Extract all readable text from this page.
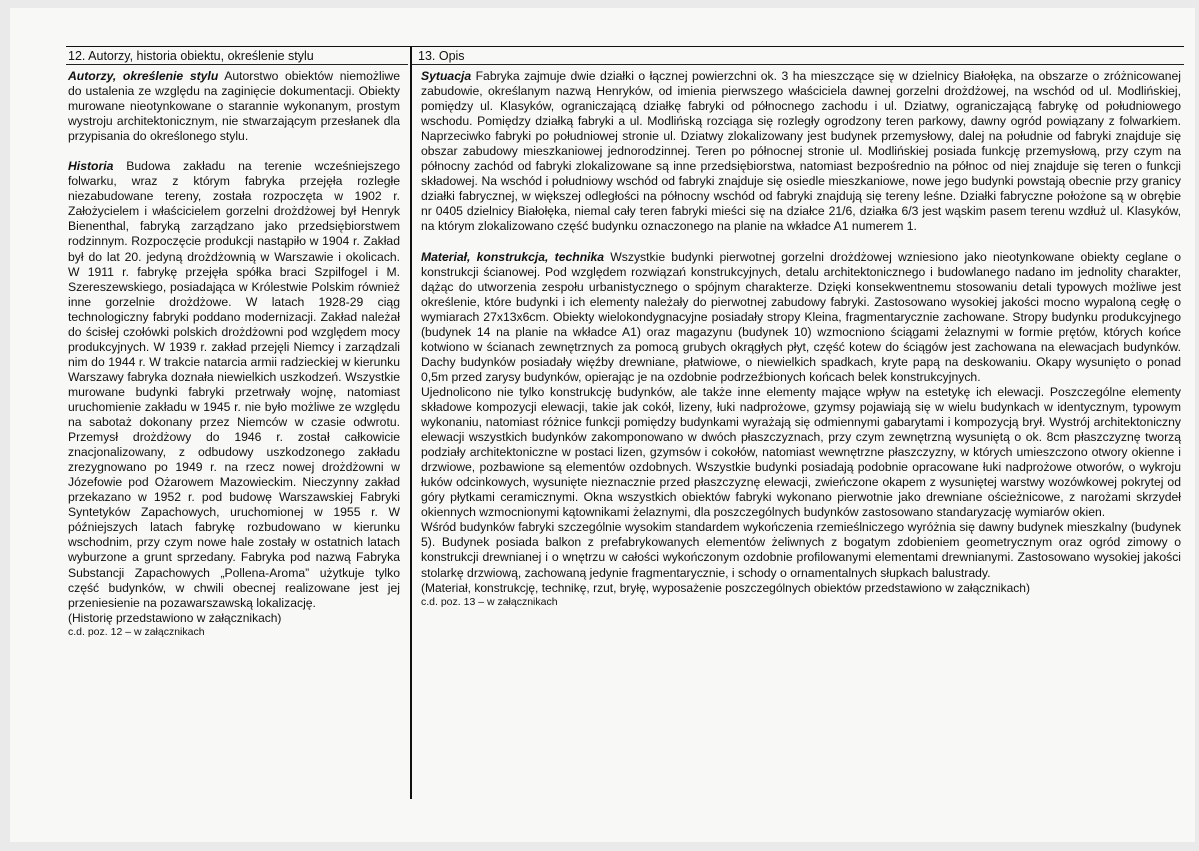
12. Autorzy, historia obiektu, określenie stylu	13. Opis

Autorzy, określenie stylu Autorstwo obiektów niemożliwe do ustalenia ze względu na zaginięcie dokumentacji. Obiekty murowane nieotynkowane o starannie wykonanym, prostym wystroju architektonicznym, nie stwarzającym przesłanek dla przypisania do określonego stylu.

Historia Budowa zakładu na terenie wcześniejszego folwarku, wraz z którym fabryka przejęła rozległe niezabudowane tereny, została rozpoczęta w 1902 r. Założycielem i właścicielem gorzelni drożdżowej był Henryk Bienenthal, fabryką zarządzano jako przedsiębiorstwem rodzinnym. Rozpoczęcie produkcji nastąpiło w 1904 r. Zakład był do lat 20. jedyną drożdżownią w Warszawie i okolicach. W 1911 r. fabrykę przejęła spółka braci Szpilfogel i M. Szereszewskiego, posiadająca w Królestwie Polskim również inne gorzelnie drożdżowe. W latach 1928-29 ciąg technologiczny fabryki poddano modernizacji. Zakład należał do ścisłej czołówki polskich drożdżowni pod względem mocy produkcyjnych. W 1939 r. zakład przejęli Niemcy i zarządzali nim do 1944 r. W trakcie natarcia armii radzieckiej w kierunku Warszawy fabryka doznała niewielkich uszkodzeń. Wszystkie murowane budynki fabryki przetrwały wojnę, natomiast uruchomienie zakładu w 1945 r. nie było możliwe ze względu na sabotaż dokonany przez Niemców w czasie odwrotu. Przemysł drożdżowy do 1946 r. został całkowicie znacjonalizowany, z odbudowy uszkodzonego zakładu zrezygnowano po 1949 r. na rzecz nowej drożdżowni w Józefowie pod Ożarowem Mazowieckim. Nieczynny zakład przekazano w 1952 r. pod budowę Warszawskiej Fabryki Syntetyków Zapachowych, uruchomionej w 1955 r. W późniejszych latach fabrykę rozbudowano w kierunku wschodnim, przy czym nowe hale zostały w ostatnich latach wyburzone a grunt sprzedany. Fabryka pod nazwą Fabryka Substancji Zapachowych „Pollena-Aroma” użytkuje tylko część budynków, w chwili obecnej realizowane jest jej przeniesienie na pozawarszawską lokalizację.

(Historię przedstawiono w załącznikach)

c.d. poz. 12 – w załącznikach

Sytuacja Fabryka zajmuje dwie działki o łącznej powierzchni ok. 3 ha mieszczące się w dzielnicy Białołęka, na obszarze o zróżnicowanej zabudowie, określanym nazwą Henryków, od imienia pierwszego właściciela dawnej gorzelni drożdżowej, na wschód od ul. Modlińskiej, pomiędzy ul. Klasyków, ograniczającą działkę fabryki od północnego zachodu i ul. Dziatwy, ograniczającą fabrykę od południowego wschodu. Pomiędzy działką fabryki a ul. Modlińską rozciąga się rozległy ogrodzony teren parkowy, dawny ogród powiązany z folwarkiem. Naprzeciwko fabryki po południowej stronie ul. Dziatwy zlokalizowany jest budynek przemysłowy, dalej na południe od fabryki znajduje się obszar zabudowy mieszkaniowej jednorodzinnej. Teren po północnej stronie ul. Modlińskiej posiada funkcję przemysłową, przy czym na północny zachód od fabryki zlokalizowane są inne przedsiębiorstwa, natomiast bezpośrednio na północ od niej znajduje się teren o funkcji składowej. Na wschód i południowy wschód od fabryki znajduje się osiedle mieszkaniowe, nowe jego budynki powstają obecnie przy granicy działki fabrycznej, w większej odległości na północny wschód od fabryki znajdują się tereny leśne. Działki fabryczne położone są w obrębie nr 0405 dzielnicy Białołęka, niemal cały teren fabryki mieści się na działce 21/6, działka 6/3 jest wąskim pasem terenu wzdłuż ul. Klasyków, na którym zlokalizowano część budynku oznaczonego na planie na wkładce A1 numerem 1.

Materiał, konstrukcja, technika Wszystkie budynki pierwotnej gorzelni drożdżowej wzniesiono jako nieotynkowane obiekty ceglane o konstrukcji ścianowej. Pod względem rozwiązań konstrukcyjnych, detalu architektonicznego i budowlanego nadano im jednolity charakter, dążąc do utworzenia zespołu urbanistycznego o spójnym charakterze. Dzięki konsekwentnemu stosowaniu detali typowych możliwe jest określenie, które budynki i ich elementy należały do pierwotnej zabudowy fabryki. Zastosowano wysokiej jakości mocno wypaloną cegłę o wymiarach 27x13x6cm. Obiekty wielokondygnacyjne posiadały stropy Kleina, fragmentarycznie zachowane. Stropy budynku produkcyjnego (budynek 14 na planie na wkładce A1) oraz magazynu (budynek 10) wzmocniono ściągami żelaznymi w formie prętów, których końce kotwiono w ścianach zewnętrznych za pomocą grubych okrągłych płyt, część kotew do ściągów jest zachowana na elewacjach budynków. Dachy budynków posiadały więźby drewniane, płatwiowe, o niewielkich spadkach, kryte papą na deskowaniu. Okapy wysunięto o ponad 0,5m przed zarysy budynków, opierając je na ozdobnie podrzeźbionych końcach belek konstrukcyjnych.

Ujednolicono nie tylko konstrukcję budynków, ale także inne elementy mające wpływ na estetykę ich elewacji. Poszczególne elementy składowe kompozycji elewacji, takie jak cokół, lizeny, łuki nadprożowe, gzymsy pojawiają się w wielu budynkach w identycznym, typowym wykonaniu, natomiast różnice funkcji pomiędzy budynkami wyrażają się odmiennymi gabarytami i kompozycją brył. Wystrój architektoniczny elewacji wszystkich budynków zakomponowano w dwóch płaszczyznach, przy czym zewnętrzną wysuniętą o ok. 8cm płaszczyznę tworzą podziały architektoniczne w postaci lizen, gzymsów i cokołów, natomiast wewnętrzne płaszczyzny, w których umieszczono otwory okienne i drzwiowe, pozbawione są elementów ozdobnych. Wszystkie budynki posiadają podobnie opracowane łuki nadprożowe otworów, o wykroju łuków odcinkowych, wysunięte nieznacznie przed płaszczyznę elewacji, zwieńczone okapem z wysuniętej warstwy wozówkowej pokrytej od góry płytkami ceramicznymi. Okna wszystkich obiektów fabryki wykonano pierwotnie jako drewniane ościeżnicowe, z narożami skrzydeł okiennych wzmocnionymi kątownikami żelaznymi, dla poszczególnych budynków zastosowano standaryzację wymiarów okien.

Wśród budynków fabryki szczególnie wysokim standardem wykończenia rzemieślniczego wyróżnia się dawny budynek mieszkalny (budynek 5). Budynek posiada balkon z prefabrykowanych elementów żeliwnych z bogatym zdobieniem geometrycznym oraz ogród zimowy o konstrukcji drewnianej i o wnętrzu w całości wykończonym ozdobnie profilowanymi elementami drewnianymi. Zastosowano wysokiej jakości stolarkę drzwiową, zachowaną jedynie fragmentarycznie, i schody o ornamentalnych słupkach balustrady.

(Materiał, konstrukcję, technikę, rzut, bryłę, wyposażenie poszczególnych obiektów przedstawiono w załącznikach)

c.d. poz. 13 – w załącznikach
